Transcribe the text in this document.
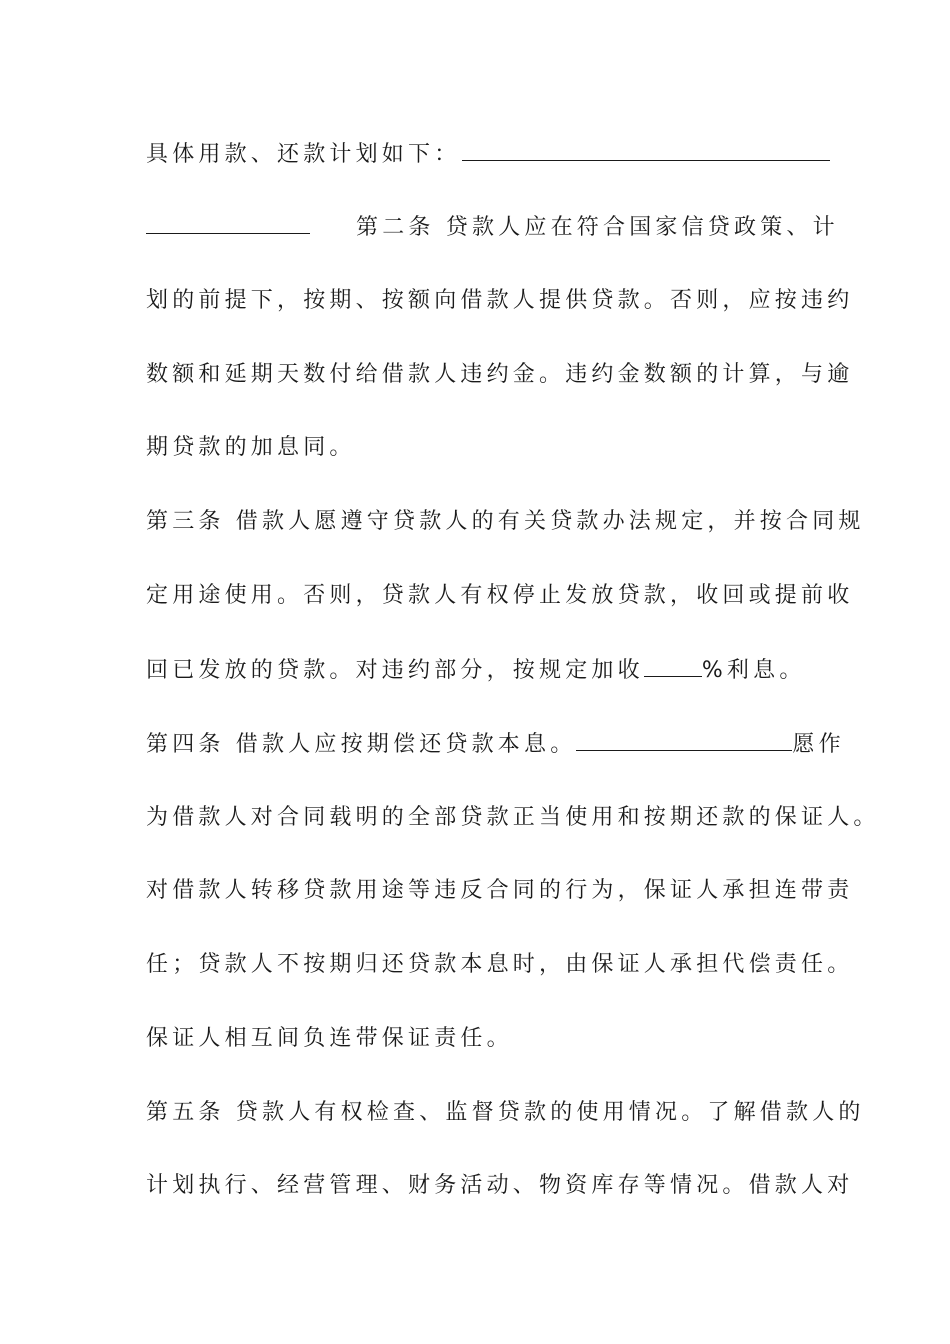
具体用款、还款计划如下：
第二条 贷款人应在符合国家信贷政策、计
划的前提下，按期、按额向借款人提供贷款。否则，应按违约
数额和延期天数付给借款人违约金。违约金数额的计算，与逾
期贷款的加息同。
第三条 借款人愿遵守贷款人的有关贷款办法规定，并按合同规
定用途使用。否则，贷款人有权停止发放贷款，收回或提前收
回已发放的贷款。对违约部分，按规定加收	%利息。
第四条 借款人应按期偿还贷款本息。	愿作
为借款人对合同载明的全部贷款正当使用和按期还款的保证人。
对借款人转移贷款用途等违反合同的行为，保证人承担连带责
任；贷款人不按期归还贷款本息时，由保证人承担代偿责任。
保证人相互间负连带保证责任。
第五条 贷款人有权检查、监督贷款的使用情况。了解借款人的
计划执行、经营管理、财务活动、物资库存等情况。借款人对
